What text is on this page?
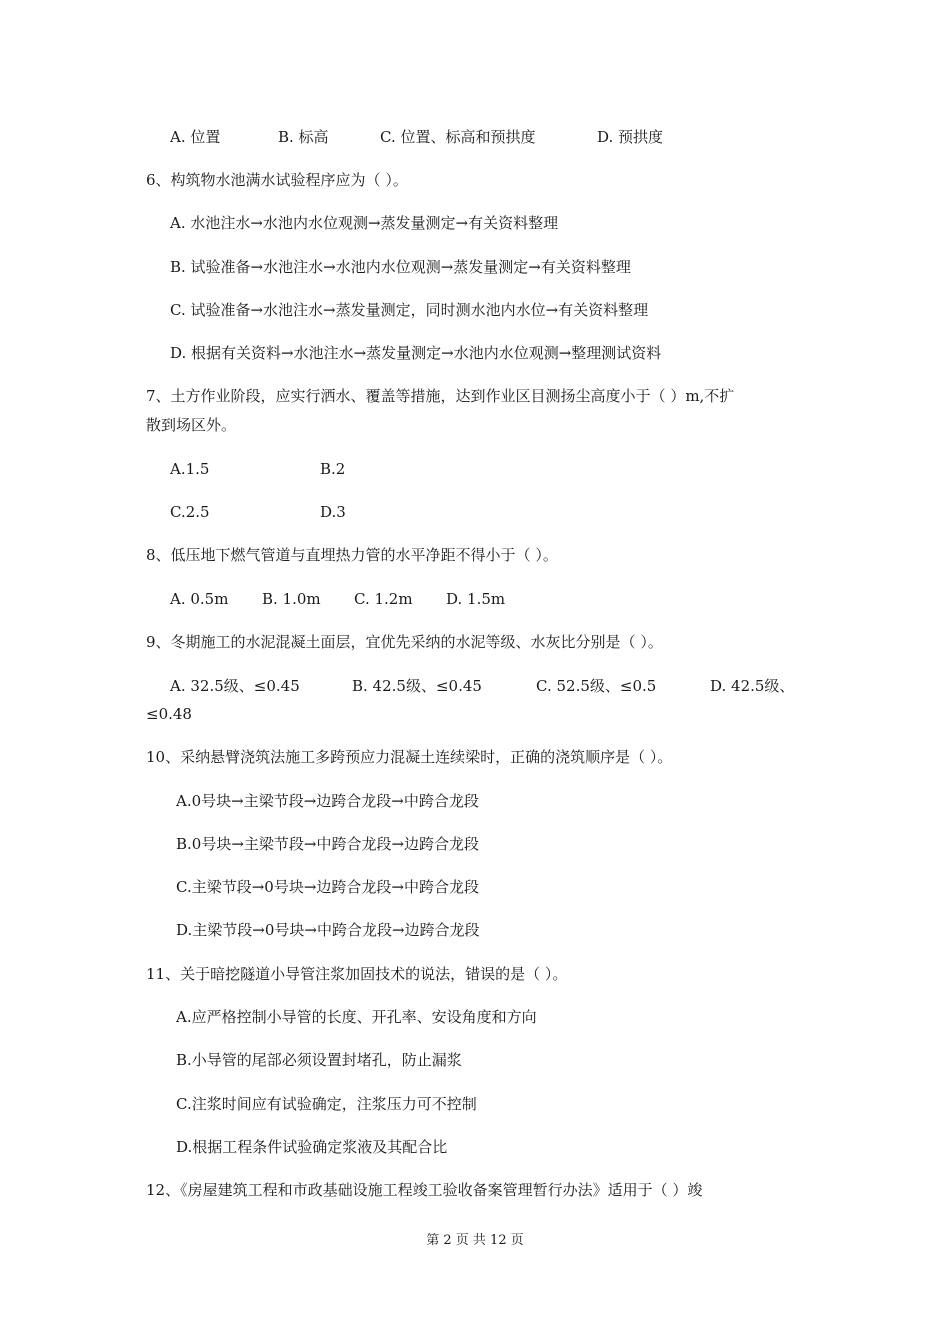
A. 位置	B. 标高	C. 位置、标高和预拱度	D. 预拱度
6、构筑物水池满水试验程序应为（ ）。
A. 水池注水→水池内水位观测→蒸发量测定→有关资料整理
B. 试验准备→水池注水→水池内水位观测→蒸发量测定→有关资料整理
C. 试验准备→水池注水→蒸发量测定，同时测水池内水位→有关资料整理
D. 根据有关资料→水池注水→蒸发量测定→水池内水位观测→整理测试资料
7、土方作业阶段，应实行洒水、覆盖等措施，达到作业区目测扬尘高度小于（ ）m,不扩
散到场区外。
A.1.5	B.2
C.2.5	D.3
8、低压地下燃气管道与直埋热力管的水平净距不得小于（ ）。
A. 0.5m B. 1.0m C. 1.2m D. 1.5m
9、冬期施工的水泥混凝土面层，宜优先采纳的水泥等级、水灰比分别是（ ）。
A. 32.5级、≤0.45	B. 42.5级、≤0.45	C. 52.5级、≤0.5	D. 42.5级、
≤0.48
10、采纳悬臂浇筑法施工多跨预应力混凝土连续梁时，正确的浇筑顺序是（ ）。
A.0号块→主梁节段→边跨合龙段→中跨合龙段
B.0号块→主梁节段→中跨合龙段→边跨合龙段
C.主梁节段→0号块→边跨合龙段→中跨合龙段
D.主梁节段→0号块→中跨合龙段→边跨合龙段
11、关于暗挖隧道小导管注浆加固技术的说法，错误的是（ ）。
A.应严格控制小导管的长度、开孔率、安设角度和方向
B.小导管的尾部必须设置封堵孔，防止漏浆
C.注浆时间应有试验确定，注浆压力可不控制
D.根据工程条件试验确定浆液及其配合比
12、《房屋建筑工程和市政基础设施工程竣工验收备案管理暂行办法》适用于（ ）竣
第 2 页 共 12 页
